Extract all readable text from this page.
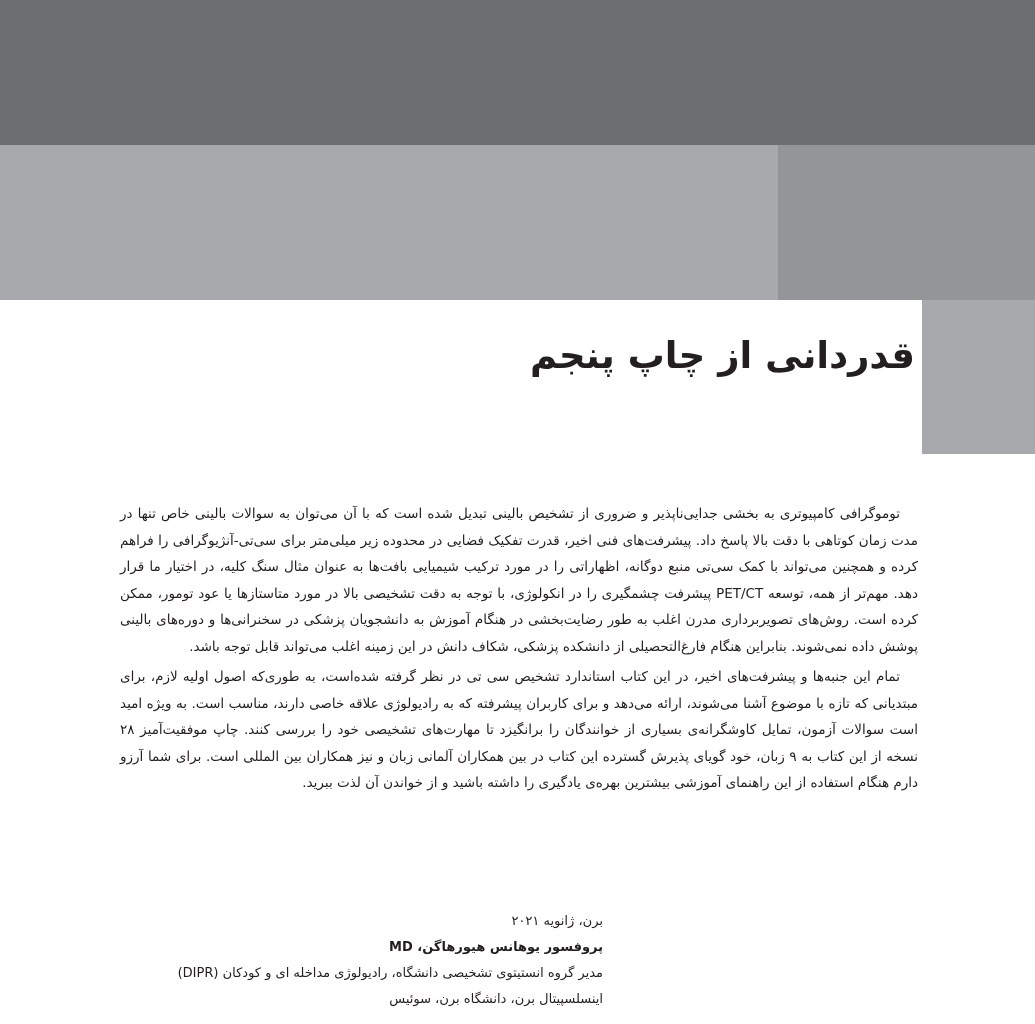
قدردانی از چاپ پنجم

توموگرافی کامپیوتری به بخشی جدایی‌ناپذیر و ضروری از تشخیص بالینی تبدیل شده است که با آن می‌توان به سوالات بالینی خاص تنها در مدت زمان کوتاهی با دقت بالا پاسخ داد. پیشرفت‌های فنی اخیر، قدرت تفکیک فضایی در محدوده زیر میلی‌متر برای سی‌تی-آنژیوگرافی را فراهم کرده و همچنین می‌تواند با کمک سی‌تی منبع دوگانه، اظهاراتی را در مورد ترکیب شیمیایی بافت‌ها به عنوان مثال سنگ کلیه، در اختیار ما قرار دهد. مهم‌تر از همه، توسعه PET/CT پیشرفت چشمگیری را در انکولوژی، با توجه به دقت تشخیصی بالا در مورد متاستازها یا عود تومور، ممکن کرده است. روش‌های تصویربرداری مدرن اغلب به طور رضایت‌بخشی در هنگام آموزش به دانشجویان پزشکی در سخنرانی‌ها و دوره‌های بالینی پوشش داده نمی‌شوند. بنابراین هنگام فارغ‌التحصیلی از دانشکده پزشکی، شکاف دانش در این زمینه اغلب می‌تواند قابل توجه باشد.

تمام این جنبه‌ها و پیشرفت‌های اخیر، در این کتاب استاندارد تشخیص سی تی در نظر گرفته شده‌است، به طوری‌که اصول اولیه لازم، برای مبتدیانی که تازه با موضوع آشنا می‌شوند، ارائه می‌دهد و برای کاربران پیشرفته که به رادیولوژی علاقه خاصی دارند، مناسب است. به ویژه امید است سوالات آزمون، تمایل کاوشگرانه‌ی بسیاری از خوانندگان را برانگیزد تا مهارت‌های تشخیصی خود را بررسی کنند. چاپ موفقیت‌آمیز ۲۸ نسخه از این کتاب به ۹ زبان، خود گویای پذیرش گسترده این کتاب در بین همکاران آلمانی زبان و نیز همکاران بین المللی است. برای شما آرزو دارم هنگام استفاده از این راهنمای آموزشی بیشترین بهره‌ی یادگیری را داشته باشید و از خواندن آن لذت ببرید.

برن، ژانویه ۲۰۲۱
پروفسور یوهانس هیورهاگن، MD
مدیر گروه انستیتوی تشخیصی دانشگاه، رادیولوژی مداخله ای و کودکان (DIPR)
اینسلسپیتال برن، دانشگاه برن، سوئیس
